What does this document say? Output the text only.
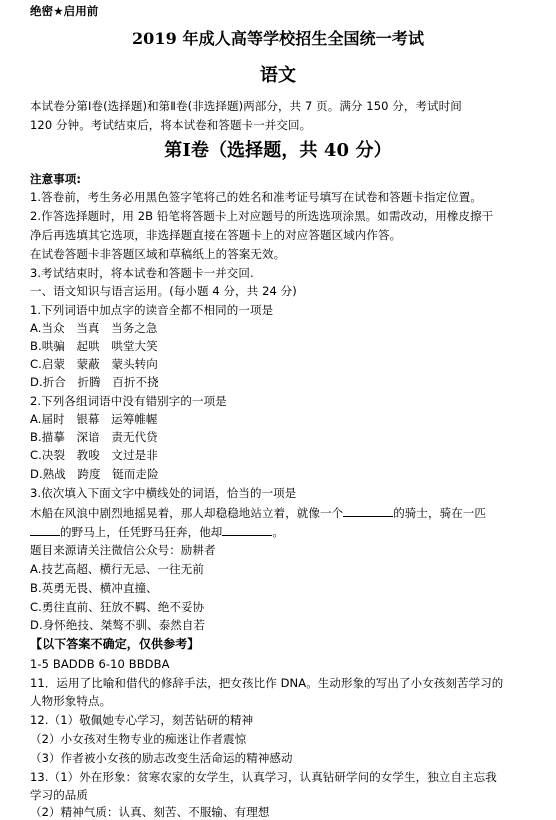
绝密★启用前
2019 年成人高等学校招生全国统一考试
语文
本试卷分第Ⅰ卷(选择题)和第Ⅱ卷(非选择题)两部分，共 7 页。满分 150 分，考试时间
120 分钟。考试结束后，将本试卷和答题卡一并交回。
第Ⅰ卷（选择题，共 40 分）
注意事项:
1.答卷前，考生务必用黑色签字笔将己的姓名和准考证号填写在试卷和答题卡指定位置。
2.作答选择题时，用 2B 铅笔将答题卡上对应题号的所选选项涂黑。如需改动，用橡皮擦干
净后再选填其它选项，非选择题直接在答题卡上的对应答题区域内作答。
在试卷答题卡非答题区域和草稿纸上的答案无效。
3.考试结束时，将本试卷和答题卡一并交回.
一、语文知识与语言运用。(每小题 4 分，共 24 分)
1.下列词语中加点字的读音全都不相同的一项是
A.当众　当真　当务之急
B.哄骗　起哄　哄堂大笑
C.启蒙　蒙蔽　蒙头转向
D.折合　折腾　百折不挠
2.下列各组词语中没有错别字的一项是
A.届时　银幕　运筹帷幄
B.描摹　深谙　责无代贷
C.决裂　教唆　文过是非
D.熟战　跨度　铤而走险
3.依次填入下面文字中横线处的词语，恰当的一项是
木船在风浪中剧烈地摇晃着，那人却稳稳地站立着，就像一个	的骑士，骑在一匹
的野马上，任凭野马狂奔，他却	。
题目来源请关注微信公众号：励耕者
A.技艺高超、横行无忌、一往无前
B.英勇无畏、横冲直撞、
C.勇往直前、狂放不羁、绝不妥协
D.身怀绝技、桀骜不驯、泰然自若
【以下答案不确定，仅供参考】
1-5 BADDB 6-10 BBDBA
11．运用了比喻和借代的修辞手法，把女孩比作 DNA。生动形象的写出了小女孩刻苦学习的
人物形象特点。
12.（1）敬佩她专心学习，刻苦钻研的精神
（2）小女孩对生物专业的痴迷让作者震惊
（3）作者被小女孩的励志改变生活命运的精神感动
13.（1）外在形象：贫寒农家的女学生，认真学习，认真钻研学问的女学生，独立自主忘我
学习的品质
（2）精神气质：认真、刻苦、不服输、有理想
